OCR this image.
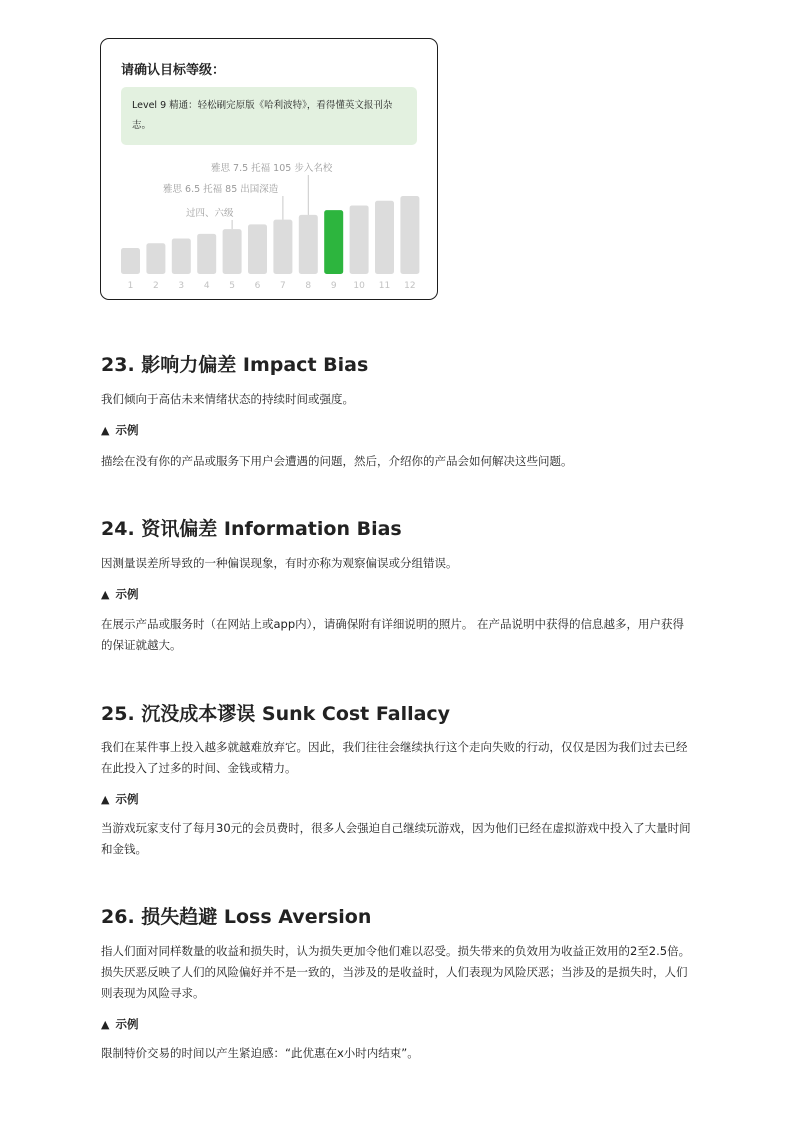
请确认目标等级：
Level 9 精通：轻松刷完原版《哈利波特》，看得懂英文报刊杂志。
1 2 3 4 5 6 7 8 9 10 11 12
雅思 7.5 托福 105 步入名校
雅思 6.5 托福 85 出国深造
过四、六级
23. 影响力偏差 Impact Bias
我们倾向于高估未来情绪状态的持续时间或强度。
▲ 示例
描绘在没有你的产品或服务下用户会遭遇的问题，然后，介绍你的产品会如何解决这些问题。
24. 资讯偏差 Information Bias
因测量误差所导致的一种偏误现象，有时亦称为观察偏误或分组错误。
▲ 示例
在展示产品或服务时（在网站上或app内），请确保附有详细说明的照片。 在产品说明中获得的信息越多，用户获得的保证就越大。
25. 沉没成本谬误 Sunk Cost Fallacy
我们在某件事上投入越多就越难放弃它。因此，我们往往会继续执行这个走向失败的行动，仅仅是因为我们过去已经在此投入了过多的时间、金钱或精力。
▲ 示例
当游戏玩家支付了每月30元的会员费时，很多人会强迫自己继续玩游戏，因为他们已经在虚拟游戏中投入了大量时间和金钱。
26. 损失趋避 Loss Aversion
指人们面对同样数量的收益和损失时，认为损失更加令他们难以忍受。损失带来的负效用为收益正效用的2至2.5倍。损失厌恶反映了人们的风险偏好并不是一致的，当涉及的是收益时，人们表现为风险厌恶；当涉及的是损失时，人们则表现为风险寻求。
▲ 示例
限制特价交易的时间以产生紧迫感：“此优惠在x小时内结束”。
